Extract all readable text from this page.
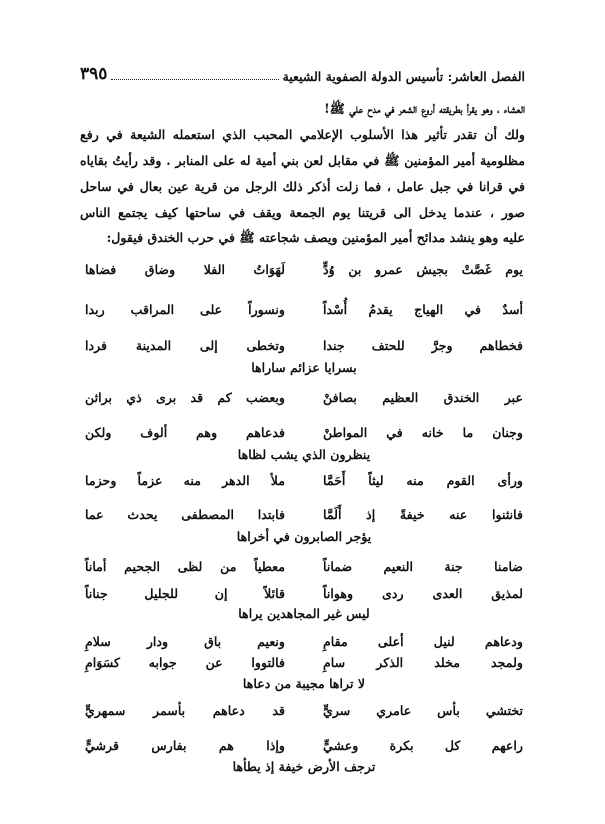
الفصل العاشر: تأسيس الدولة الصفوية الشيعية
٣٩٥
العشاء ، وهو يقرأ بطريقته أروع الشعر في مدح علي ﷺ!
ولك أن تقدر تأثير هذا الأسلوب الإعلامي المحبب الذي استعمله الشيعة في رفع
مظلومية أمير المؤمنين ﷺ في مقابل لعن بني أمية له على المنابر . وقد رأيتُ بقاياه
في قرانا في جبل عامل ، فما زلت أذكر ذلك الرجل من قرية عين بعال في ساحل
صور ، عندما يدخل الى قريتنا يوم الجمعة ويقف في ساحتها كيف يجتمع الناس
عليه وهو ينشد مدائح أمير المؤمنين ويصف شجاعته ﷺ في حرب الخندق فيقول:
يوم غَصَّتْ بجيش عمرو بن وُدٍّ
لَهَوَاتُ الفلا وضاق فضاها
أسدٌ في الهياج يقدمُ أُسْداً
ونسوراً على المراقب ربدا
فخطاهم وجرَّ للحتف جندا
وتخطى إلى المدينة فردا
بسرايا عزائم ساراها
عبر الخندق العظيم بصافنْ
وبعضب كم قد برى ذي براثن
وجنان ما خانه في المواطنْ
فدعاهم وهم ألوف ولكن
ينظرون الذي يشب لظاها
ورأى القوم منه ليثاً أَحَمَّا
ملأ الدهر منه عزماً وحزما
فانثنوا عنه خيفةً إذ أَلَمَّا
فابتدا المصطفى يحدث عما
يؤجر الصابرون في أخراها
ضامنا جنة النعيم ضماناً
معطياً من لظى الجحيم أماناً
لمذيق العدى ردى وهواناً
قائلاً إن للجليل جناناً
ليس غير المجاهدين يراها
ودعاهم لنيل أعلى مقامِ
ونعيم باق ودار سلامِ
ولمجد مخلد الذكر سامِ
فالتووا عن جوابه كسَوَامِ
لا تراها مجيبة من دعاها
تختشي بأس عامري سريٍّ
قد دعاهم بأسمر سمهريٍّ
راعهم كل بكرة وعشيٍّ
وإذا هم بفارس قرشيٍّ
ترجف الأرض خيفة إذ يطأها
